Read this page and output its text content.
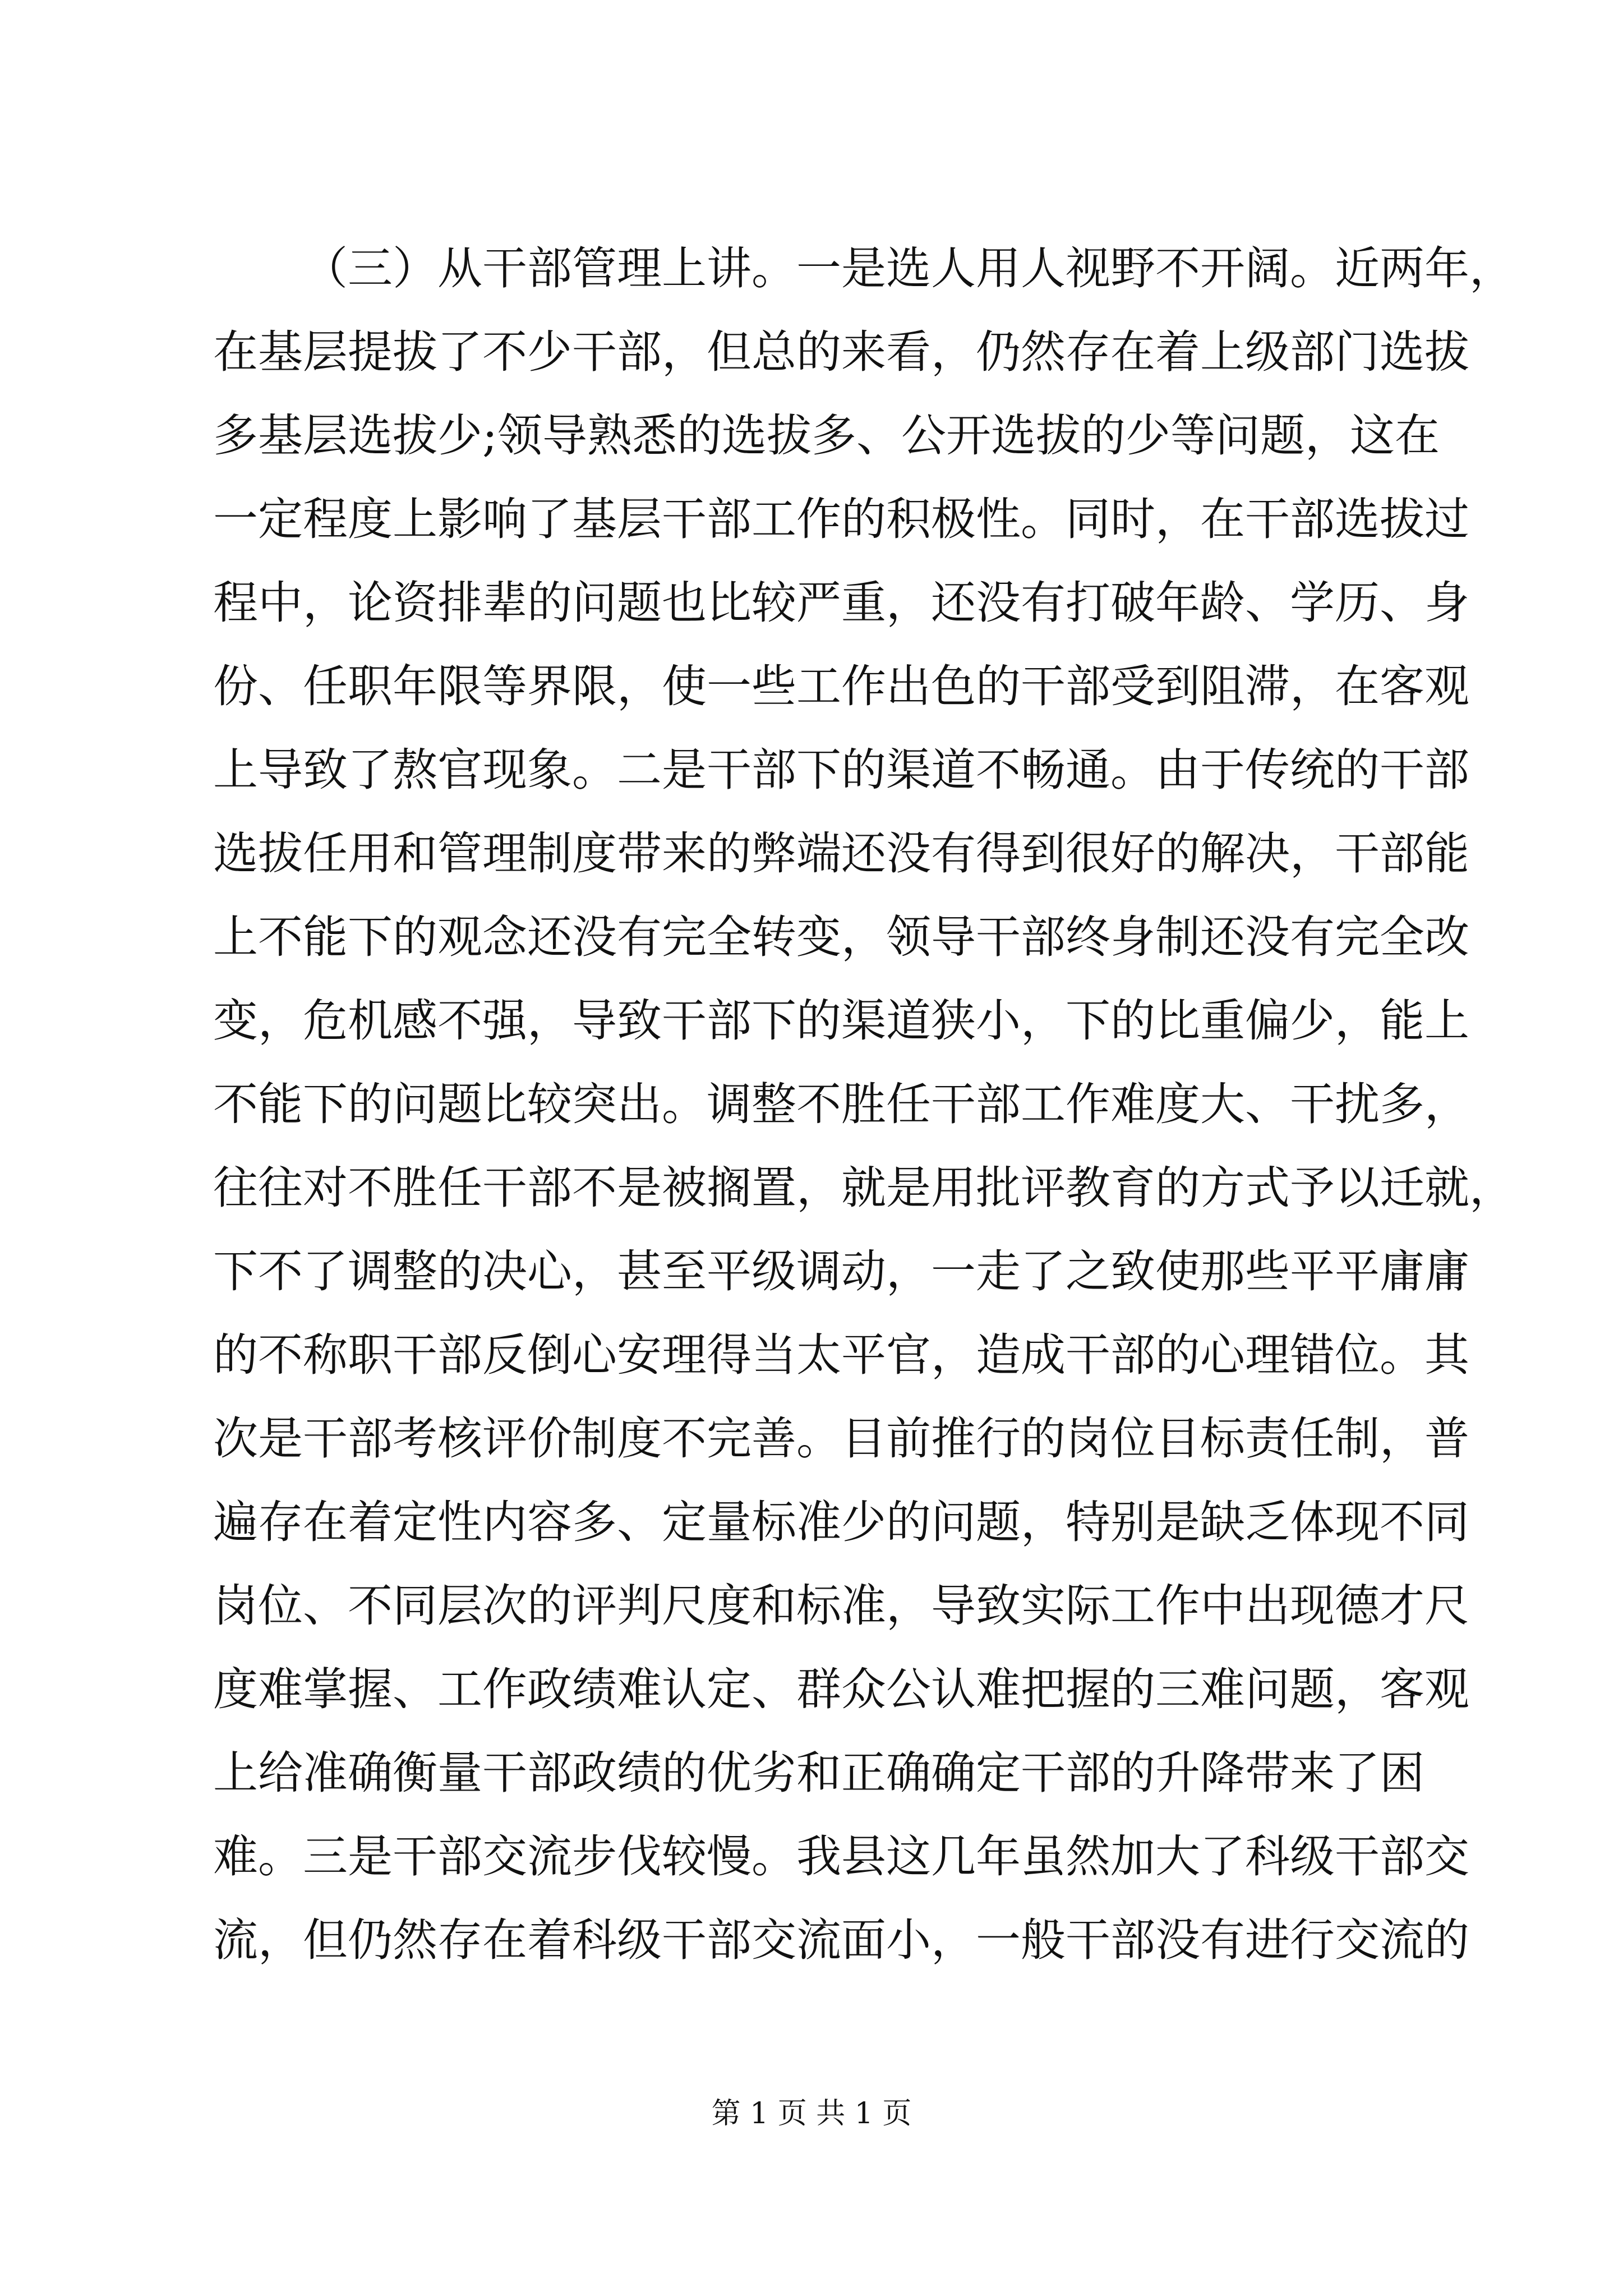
（三）从干部管理上讲。一是选人用人视野不开阔。近两年，
在基层提拔了不少干部，但总的来看，仍然存在着上级部门选拔
多基层选拔少;领导熟悉的选拔多、公开选拔的少等问题，这在
一定程度上影响了基层干部工作的积极性。同时，在干部选拔过
程中，论资排辈的问题也比较严重，还没有打破年龄、学历、身
份、任职年限等界限，使一些工作出色的干部受到阻滞，在客观
上导致了熬官现象。二是干部下的渠道不畅通。由于传统的干部
选拔任用和管理制度带来的弊端还没有得到很好的解决，干部能
上不能下的观念还没有完全转变，领导干部终身制还没有完全改
变，危机感不强，导致干部下的渠道狭小，下的比重偏少，能上
不能下的问题比较突出。调整不胜任干部工作难度大、干扰多，
往往对不胜任干部不是被搁置，就是用批评教育的方式予以迁就，
下不了调整的决心，甚至平级调动，一走了之致使那些平平庸庸
的不称职干部反倒心安理得当太平官，造成干部的心理错位。其
次是干部考核评价制度不完善。目前推行的岗位目标责任制，普
遍存在着定性内容多、定量标准少的问题，特别是缺乏体现不同
岗位、不同层次的评判尺度和标准，导致实际工作中出现德才尺
度难掌握、工作政绩难认定、群众公认难把握的三难问题，客观
上给准确衡量干部政绩的优劣和正确确定干部的升降带来了困
难。三是干部交流步伐较慢。我县这几年虽然加大了科级干部交
流，但仍然存在着科级干部交流面小，一般干部没有进行交流的
第 1 页 共 1 页
